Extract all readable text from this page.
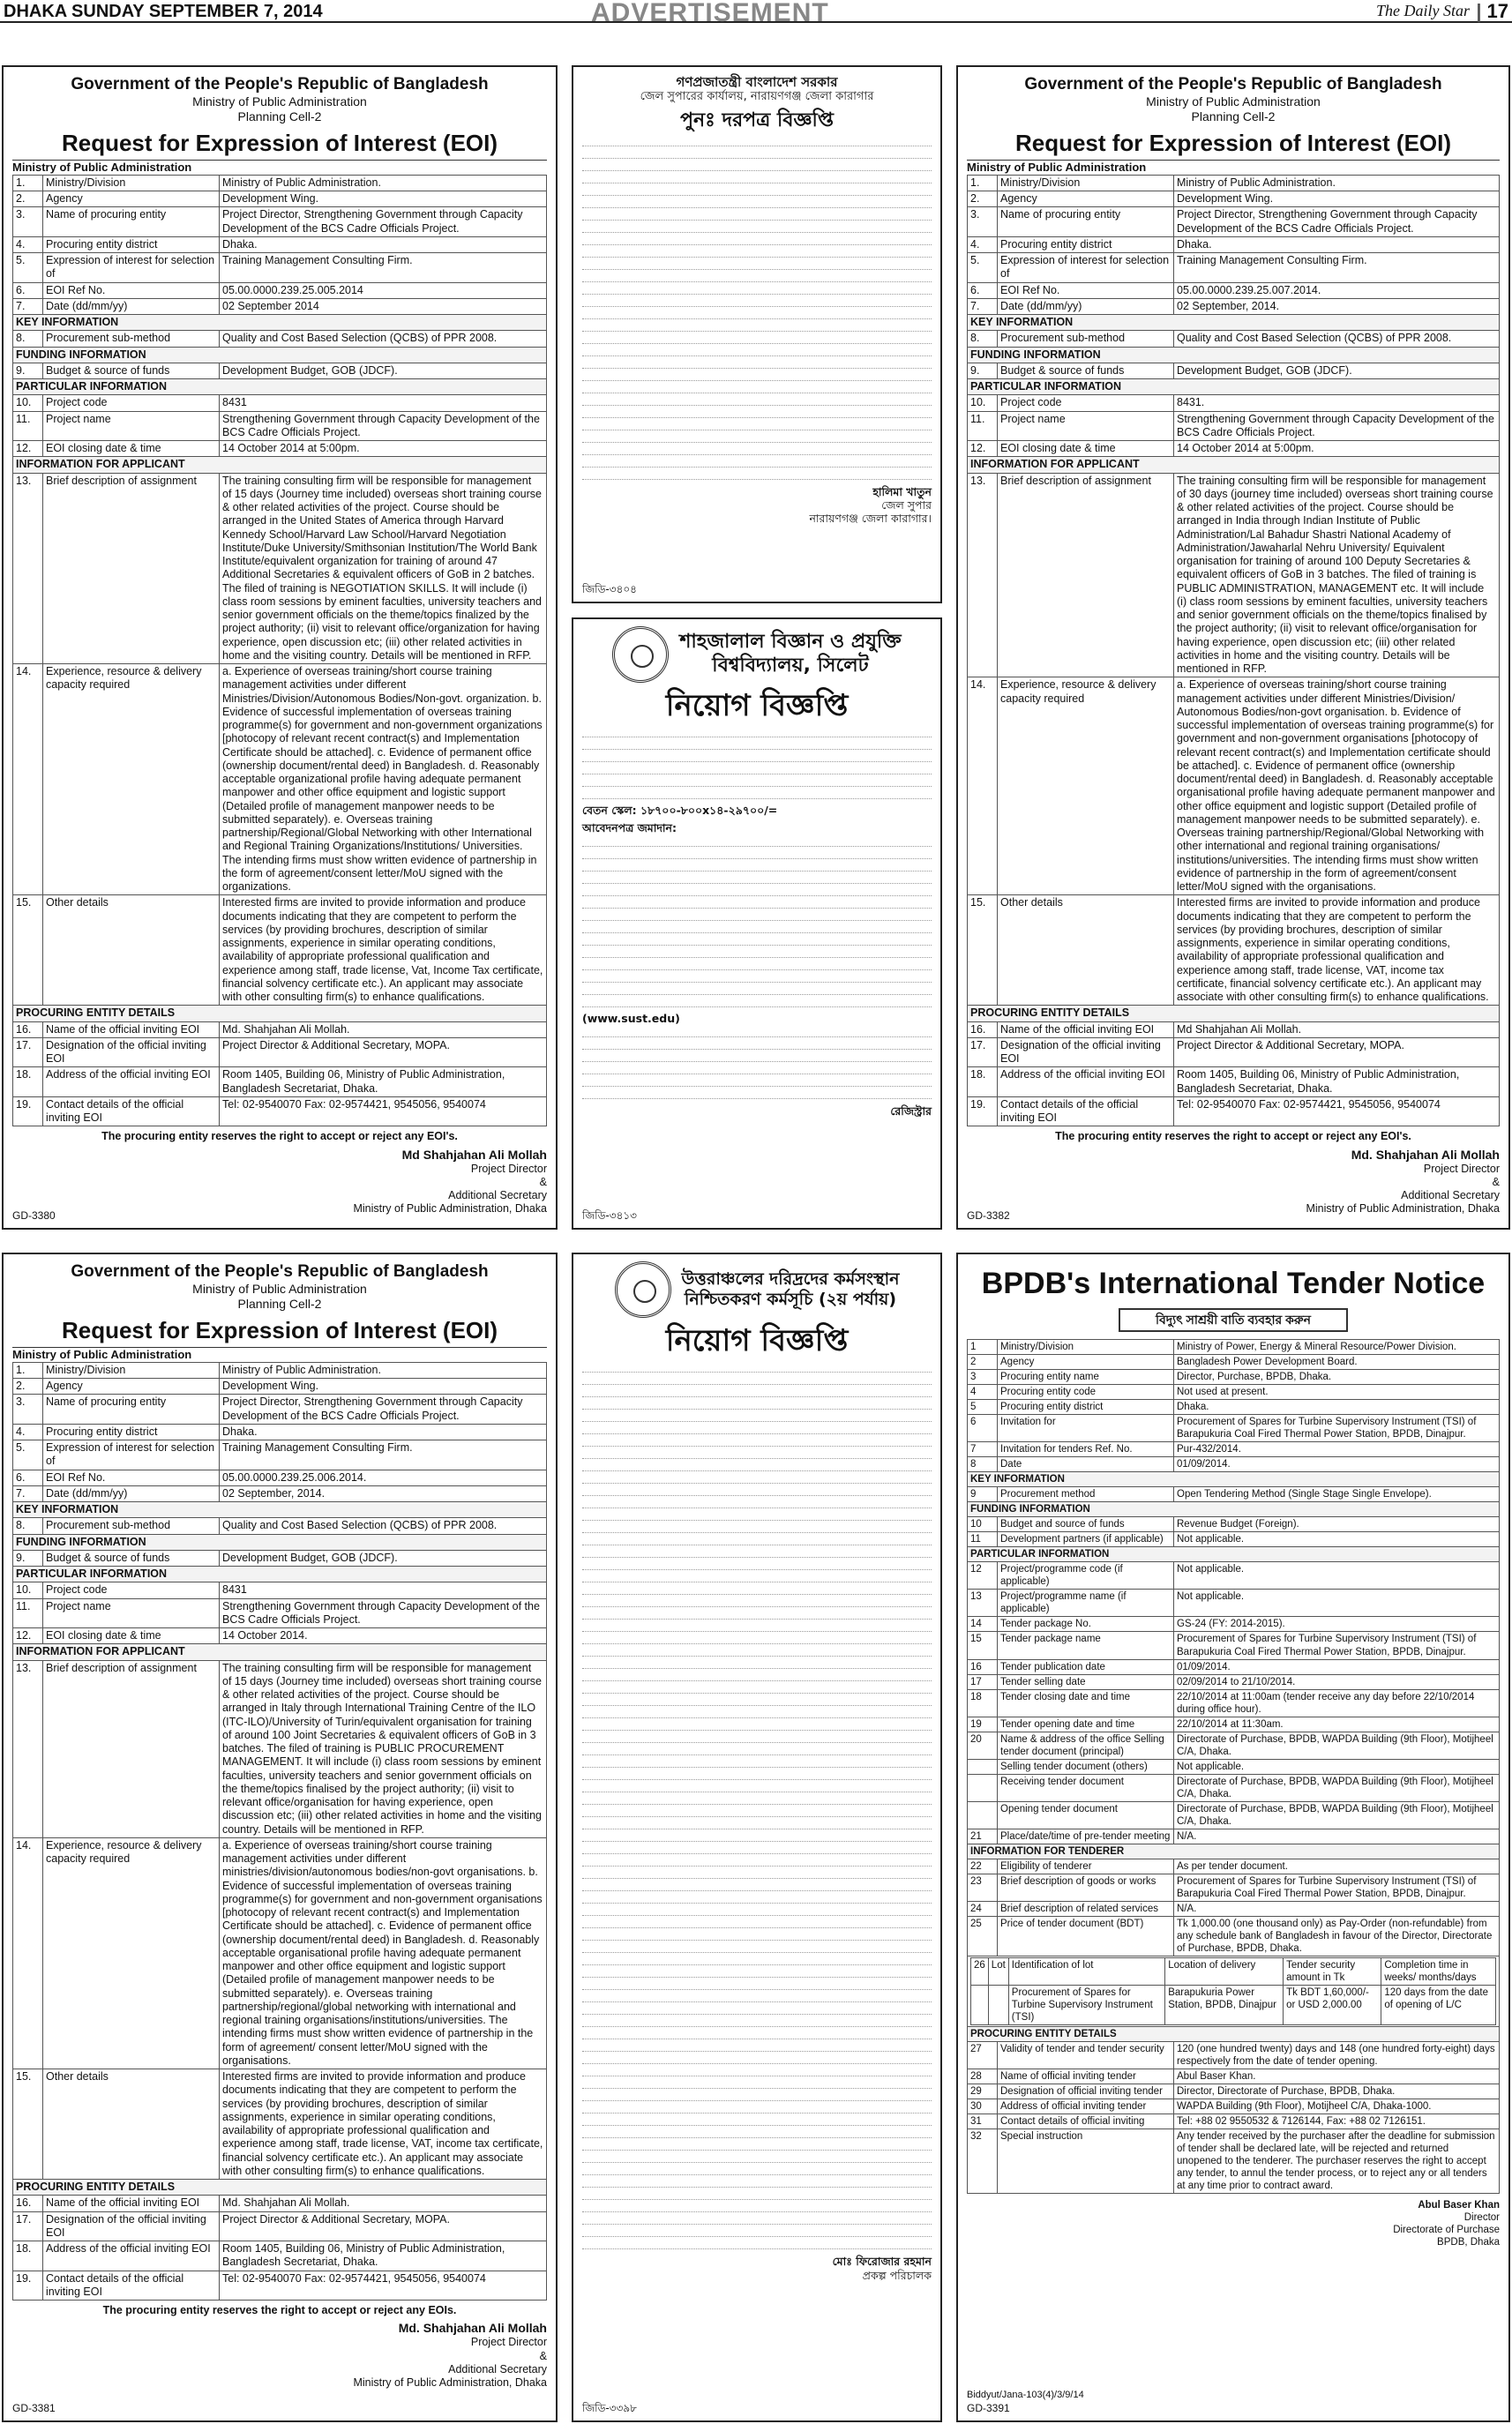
DHAKA SUNDAY SEPTEMBER 7, 2014	ADVERTISEMENT	The Daily Star | 17
Government of the People's Republic of Bangladesh
Ministry of Public Administration
Planning Cell-2
Request for Expression of Interest (EOI)
Ministry of Public Administration
1.	Ministry/Division	Ministry of Public Administration.
2.	Agency	Development Wing.
3.	Name of procuring entity	Project Director, Strengthening Government through Capacity Development of the BCS Cadre Officials Project.
4.	Procuring entity district	Dhaka.
5.	Expression of interest for selection of	Training Management Consulting Firm.
6.	EOI Ref No.	05.00.0000.239.25.005.2014
7.	Date (dd/mm/yy)	02 September 2014
KEY INFORMATION		
8.	Procurement sub-method	Quality and Cost Based Selection (QCBS) of PPR 2008.
FUNDING INFORMATION		
9.	Budget & source of funds	Development Budget, GOB (JDCF).
PARTICULAR INFORMATION		
10.	Project code	8431
11.	Project name	Strengthening Government through Capacity Development of the BCS Cadre Officials Project.
12.	EOI closing date & time	14 October 2014 at 5:00pm.
INFORMATION FOR APPLICANT		
13.	Brief description of assignment	The training consulting firm will be responsible for management of 15 days (Journey time included) overseas short training course & other related activities of the project. Course should be arranged in the United States of America through Harvard Kennedy School/Harvard Law School/Harvard Negotiation Institute/Duke University/Smithsonian Institution/The World Bank Institute/equivalent organization for training of around 47 Additional Secretaries & equivalent officers of GoB in 2 batches. The filed of training is NEGOTIATION SKILLS. It will include (i) class room sessions by eminent faculties, university teachers and senior government officials on the theme/topics finalized by the project authority; (ii) visit to relevant office/organization for having experience, open discussion etc; (iii) other related activities in home and the visiting country. Details will be mentioned in RFP.
14.	Experience, resource & delivery capacity required	a. Experience of overseas training/short course training management activities under different Ministries/Division/Autonomous Bodies/Non-govt. organization. b. Evidence of successful implementation of overseas training programme(s) for government and non-government organizations [photocopy of relevant recent contract(s) and Implementation Certificate should be attached]. c. Evidence of permanent office (ownership document/rental deed) in Bangladesh. d. Reasonably acceptable organizational profile having adequate permanent manpower and other office equipment and logistic support (Detailed profile of management manpower needs to be submitted separately). e. Overseas training partnership/Regional/Global Networking with other International and Regional Training Organizations/Institutions/ Universities. The intending firms must show written evidence of partnership in the form of agreement/consent letter/MoU signed with the organizations.
15.	Other details	Interested firms are invited to provide information and produce documents indicating that they are competent to perform the services (by providing brochures, description of similar assignments, experience in similar operating conditions, availability of appropriate professional qualification and experience among staff, trade license, Vat, Income Tax certificate, financial solvency certificate etc.). An applicant may associate with other consulting firm(s) to enhance qualifications.
PROCURING ENTITY DETAILS		
16.	Name of the official inviting EOI	Md. Shahjahan Ali Mollah.
17.	Designation of the official inviting EOI	Project Director & Additional Secretary, MOPA.
18.	Address of the official inviting EOI	Room 1405, Building 06, Ministry of Public Administration, Bangladesh Secretariat, Dhaka.
19.	Contact details of the official inviting EOI	Tel: 02-9540070 Fax: 02-9574421, 9545056, 9540074
The procuring entity reserves the right to accept or reject any EOI's.
Md Shahjahan Ali Mollah
Project Director
&
Additional Secretary
Ministry of Public Administration, Dhaka
GD-3380
Government of the People's Republic of Bangladesh
Ministry of Public Administration
Planning Cell-2
Request for Expression of Interest (EOI)
Ministry of Public Administration
1.	Ministry/Division	Ministry of Public Administration.
2.	Agency	Development Wing.
3.	Name of procuring entity	Project Director, Strengthening Government through Capacity Development of the BCS Cadre Officials Project.
4.	Procuring entity district	Dhaka.
5.	Expression of interest for selection of	Training Management Consulting Firm.
6.	EOI Ref No.	05.00.0000.239.25.007.2014.
7.	Date (dd/mm/yy)	02 September, 2014.
KEY INFORMATION		
8.	Procurement sub-method	Quality and Cost Based Selection (QCBS) of PPR 2008.
FUNDING INFORMATION		
9.	Budget & source of funds	Development Budget, GOB (JDCF).
PARTICULAR INFORMATION		
10.	Project code	8431.
11.	Project name	Strengthening Government through Capacity Development of the BCS Cadre Officials Project.
12.	EOI closing date & time	14 October 2014 at 5:00pm.
INFORMATION FOR APPLICANT		
13.	Brief description of assignment	The training consulting firm will be responsible for management of 30 days (journey time included) overseas short training course & other related activities of the project. Course should be arranged in India through Indian Institute of Public Administration/Lal Bahadur Shastri National Academy of Administration/Jawaharlal Nehru University/ Equivalent organisation for training of around 100 Deputy Secretaries & equivalent officers of GoB in 3 batches. The filed of training is PUBLIC ADMINISTRATION, MANAGEMENT etc. It will include (i) class room sessions by eminent faculties, university teachers and senior government officials on the theme/topics finalised by the project authority; (ii) visit to relevant office/organisation for having experience, open discussion etc; (iii) other related activities in home and the visiting country. Details will be mentioned in RFP.
14.	Experience, resource & delivery capacity required	a. Experience of overseas training/short course training management activities under different Ministries/Division/ Autonomous Bodies/non-govt organisation. b. Evidence of successful implementation of overseas training programme(s) for government and non-government organisations [photocopy of relevant recent contract(s) and Implementation certificate should be attached]. c. Evidence of permanent office (ownership document/rental deed) in Bangladesh. d. Reasonably acceptable organisational profile having adequate permanent manpower and other office equipment and logistic support (Detailed profile of management manpower needs to be submitted separately). e. Overseas training partnership/Regional/Global Networking with other international and regional training organisations/ institutions/universities. The intending firms must show written evidence of partnership in the form of agreement/consent letter/MoU signed with the organisations.
15.	Other details	Interested firms are invited to provide information and produce documents indicating that they are competent to perform the services (by providing brochures, description of similar assignments, experience in similar operating conditions, availability of appropriate professional qualification and experience among staff, trade license, VAT, income tax certificate, financial solvency certificate etc.). An applicant may associate with other consulting firm(s) to enhance qualifications.
PROCURING ENTITY DETAILS		
16.	Name of the official inviting EOI	Md Shahjahan Ali Mollah.
17.	Designation of the official inviting EOI	Project Director & Additional Secretary, MOPA.
18.	Address of the official inviting EOI	Room 1405, Building 06, Ministry of Public Administration, Bangladesh Secretariat, Dhaka.
19.	Contact details of the official inviting EOI	Tel: 02-9540070 Fax: 02-9574421, 9545056, 9540074
The procuring entity reserves the right to accept or reject any EOI's.
Md. Shahjahan Ali Mollah
Project Director
&
Additional Secretary
Ministry of Public Administration, Dhaka
GD-3382
Government of the People's Republic of Bangladesh
Ministry of Public Administration
Planning Cell-2
Request for Expression of Interest (EOI)
Ministry of Public Administration
1.	Ministry/Division	Ministry of Public Administration.
2.	Agency	Development Wing.
3.	Name of procuring entity	Project Director, Strengthening Government through Capacity Development of the BCS Cadre Officials Project.
4.	Procuring entity district	Dhaka.
5.	Expression of interest for selection of	Training Management Consulting Firm.
6.	EOI Ref No.	05.00.0000.239.25.006.2014.
7.	Date (dd/mm/yy)	02 September, 2014.
KEY INFORMATION		
8.	Procurement sub-method	Quality and Cost Based Selection (QCBS) of PPR 2008.
FUNDING INFORMATION		
9.	Budget & source of funds	Development Budget, GOB (JDCF).
PARTICULAR INFORMATION		
10.	Project code	8431
11.	Project name	Strengthening Government through Capacity Development of the BCS Cadre Officials Project.
12.	EOI closing date & time	14 October 2014.
INFORMATION FOR APPLICANT		
13.	Brief description of assignment	The training consulting firm will be responsible for management of 15 days (Journey time included) overseas short training course & other related activities of the project. Course should be arranged in Italy through International Training Centre of the ILO (ITC-ILO)/University of Turin/equivalent organisation for training of around 100 Joint Secretaries & equivalent officers of GoB in 3 batches. The filed of training is PUBLIC PROCUREMENT MANAGEMENT. It will include (i) class room sessions by eminent faculties, university teachers and senior government officials on the theme/topics finalised by the project authority; (ii) visit to relevant office/organisation for having experience, open discussion etc; (iii) other related activities in home and the visiting country. Details will be mentioned in RFP.
14.	Experience, resource & delivery capacity required	a. Experience of overseas training/short course training management activities under different ministries/division/autonomous bodies/non-govt organisations. b. Evidence of successful implementation of overseas training programme(s) for government and non-government organisations [photocopy of relevant recent contract(s) and Implementation Certificate should be attached]. c. Evidence of permanent office (ownership document/rental deed) in Bangladesh. d. Reasonably acceptable organisational profile having adequate permanent manpower and other office equipment and logistic support (Detailed profile of management manpower needs to be submitted separately). e. Overseas training partnership/regional/global networking with international and regional training organisations/institutions/universities. The intending firms must show written evidence of partnership in the form of agreement/ consent letter/MoU signed with the organisations.
15.	Other details	Interested firms are invited to provide information and produce documents indicating that they are competent to perform the services (by providing brochures, description of similar assignments, experience in similar operating conditions, availability of appropriate professional qualification and experience among staff, trade license, VAT, income tax certificate, financial solvency certificate etc.). An applicant may associate with other consulting firm(s) to enhance qualifications.
PROCURING ENTITY DETAILS		
16.	Name of the official inviting EOI	Md. Shahjahan Ali Mollah.
17.	Designation of the official inviting EOI	Project Director & Additional Secretary, MOPA.
18.	Address of the official inviting EOI	Room 1405, Building 06, Ministry of Public Administration, Bangladesh Secretariat, Dhaka.
19.	Contact details of the official inviting EOI	Tel: 02-9540070 Fax: 02-9574421, 9545056, 9540074
The procuring entity reserves the right to accept or reject any EOIs.
Md. Shahjahan Ali Mollah
Project Director
&
Additional Secretary
Ministry of Public Administration, Dhaka
GD-3381
গণপ্রজাতন্ত্রী বাংলাদেশ সরকার
জেল সুপারের কার্যালয়, নারায়ণগঞ্জ জেলা কারাগার
পুনঃ দরপত্র বিজ্ঞপ্তি
হালিমা খাতুন
জেল সুপার
নারায়ণগঞ্জ জেলা কারাগার।
জিডি-৩৪০৪

শাহজালাল বিজ্ঞান ও প্রযুক্তি
বিশ্ববিদ্যালয়, সিলেট
নিয়োগ বিজ্ঞপ্তি
বেতন স্কেল: ১৮৭০০-৮০০x১৪-২৯৭০০/=
আবেদনপত্র জমাদান:
(www.sust.edu)
রেজিস্ট্রার
জিডি-৩৪১৩

উত্তরাঞ্চলের দরিদ্রদের কর্মসংস্থান
নিশ্চিতকরণ কর্মসূচি (২য় পর্যায়)
নিয়োগ বিজ্ঞপ্তি
মোঃ ফিরোজার রহমান
প্রকল্প পরিচালক
জিডি-৩৩৯৮
BPDB's International Tender Notice
বিদ্যুৎ সাশ্রয়ী বাতি ব্যবহার করুন
1	Ministry/Division	Ministry of Power, Energy & Mineral Resource/Power Division.
2	Agency	Bangladesh Power Development Board.
3	Procuring entity name	Director, Purchase, BPDB, Dhaka.
4	Procuring entity code	Not used at present.
5	Procuring entity district	Dhaka.
6	Invitation for	Procurement of Spares for Turbine Supervisory Instrument (TSI) of Barapukuria Coal Fired Thermal Power Station, BPDB, Dinajpur.
7	Invitation for tenders Ref. No.	Pur-432/2014.
8	Date	01/09/2014.
KEY INFORMATION
9	Procurement method	Open Tendering Method (Single Stage Single Envelope).
FUNDING INFORMATION
10	Budget and source of funds	Revenue Budget (Foreign).
11	Development partners (if applicable)	Not applicable.
PARTICULAR INFORMATION
12	Project/programme code (if applicable)	Not applicable.
13	Project/programme name (if applicable)	Not applicable.
14	Tender package No.	GS-24 (FY: 2014-2015).
15	Tender package name	Procurement of Spares for Turbine Supervisory Instrument (TSI) of Barapukuria Coal Fired Thermal Power Station, BPDB, Dinajpur.
16	Tender publication date	01/09/2014.
17	Tender selling date	02/09/2014 to 21/10/2014.
18	Tender closing date and time	22/10/2014 at 11:00am (tender receive any day before 22/10/2014 during office hour).
19	Tender opening date and time	22/10/2014 at 11:30am.
20	Name & address of the office Selling tender document (principal)	Directorate of Purchase, BPDB, WAPDA Building (9th Floor), Motijheel C/A, Dhaka.
	Selling tender document (others)	Not applicable.
	Receiving tender document	Directorate of Purchase, BPDB, WAPDA Building (9th Floor), Motijheel C/A, Dhaka.
	Opening tender document	Directorate of Purchase, BPDB, WAPDA Building (9th Floor), Motijheel C/A, Dhaka.
21	Place/date/time of pre-tender meeting	N/A.
INFORMATION FOR TENDERER
22	Eligibility of tenderer	As per tender document.
23	Brief description of goods or works	Procurement of Spares for Turbine Supervisory Instrument (TSI) of Barapukuria Coal Fired Thermal Power Station, BPDB, Dinajpur.
24	Brief description of related services	N/A.
25	Price of tender document (BDT)	Tk 1,000.00 (one thousand only) as Pay-Order (non-refundable) from any schedule bank of Bangladesh in favour of the Director, Directorate of Purchase, BPDB, Dhaka.

26	Lot	Identification of lot	Location of delivery	Tender security amount in Tk	Completion time in weeks/ months/days
		Procurement of Spares for Turbine Supervisory Instrument (TSI)	Barapukuria Power Station, BPDB, Dinajpur	Tk BDT 1,60,000/- or USD 2,000.00	120 days from the date of opening of L/C

PROCURING ENTITY DETAILS
27	Validity of tender and tender security	120 (one hundred twenty) days and 148 (one hundred forty-eight) days respectively from the date of tender opening.
28	Name of official inviting tender	Abul Baser Khan.
29	Designation of official inviting tender	Director, Directorate of Purchase, BPDB, Dhaka.
30	Address of official inviting tender	WAPDA Building (9th Floor), Motijheel C/A, Dhaka-1000.
31	Contact details of official inviting	Tel: +88 02 9550532 & 7126144, Fax: +88 02 7126151.
32	Special instruction	Any tender received by the purchaser after the deadline for submission of tender shall be declared late, will be rejected and returned unopened to the tenderer. The purchaser reserves the right to accept any tender, to annul the tender process, or to reject any or all tenders at any time prior to contract award.
Abul Baser Khan
Director
Directorate of Purchase
BPDB, Dhaka
Biddyut/Jana-103(4)/3/9/14
GD-3391
